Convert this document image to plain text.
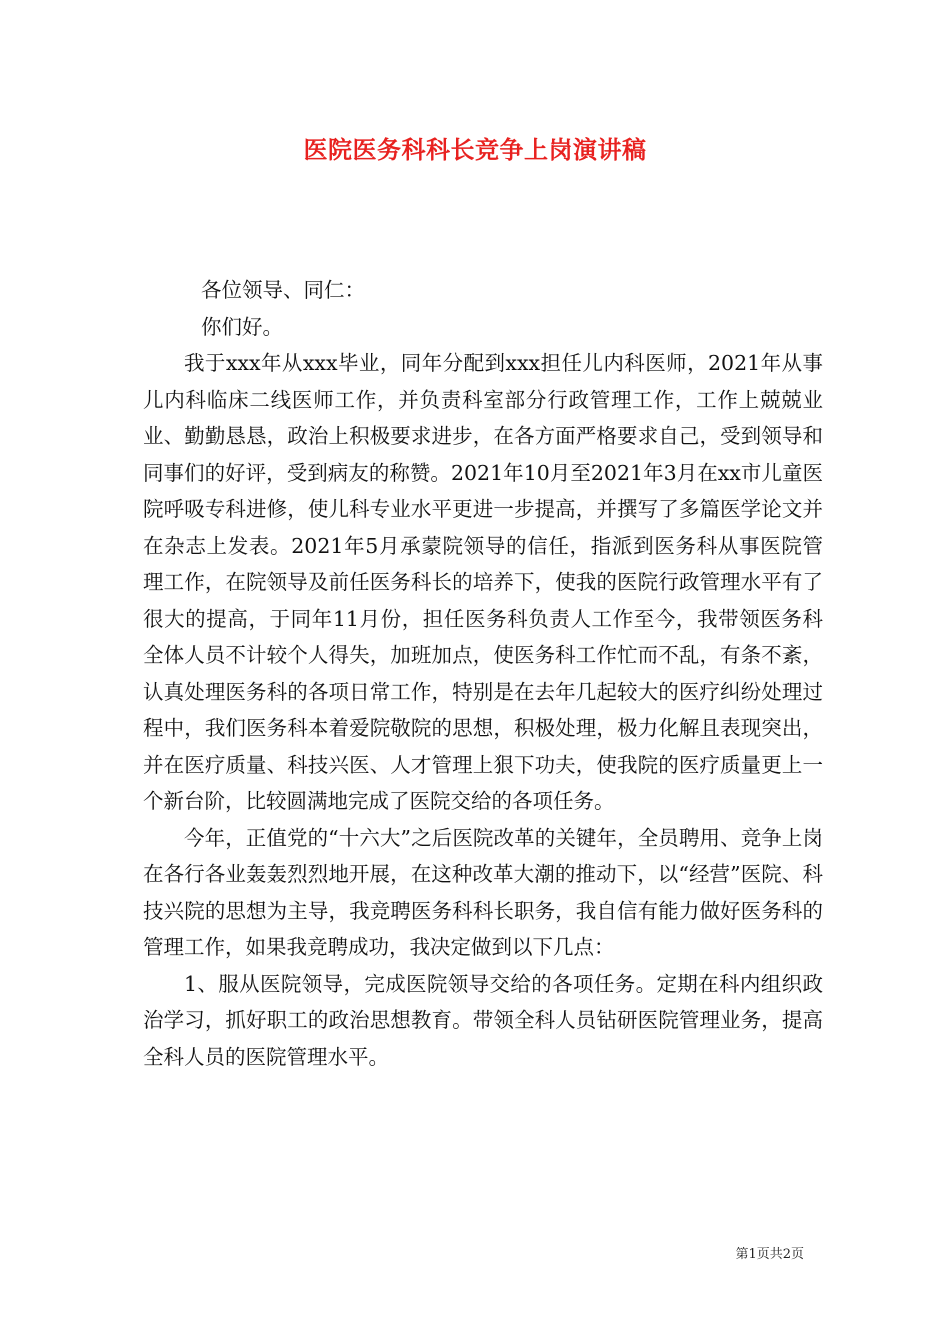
医院医务科科长竞争上岗演讲稿

各位领导、同仁：

你们好。

我于xxx年从xxx毕业，同年分配到xxx担任儿内科医师，2021年从事儿内科临床二线医师工作，并负责科室部分行政管理工作，工作上兢兢业业、勤勤恳恳，政治上积极要求进步，在各方面严格要求自己，受到领导和同事们的好评，受到病友的称赞。2021年10月至2021年3月在xx市儿童医院呼吸专科进修，使儿科专业水平更进一步提高，并撰写了多篇医学论文并在杂志上发表。2021年5月承蒙院领导的信任，指派到医务科从事医院管理工作，在院领导及前任医务科长的培养下，使我的医院行政管理水平有了很大的提高，于同年11月份，担任医务科负责人工作至今，我带领医务科全体人员不计较个人得失，加班加点，使医务科工作忙而不乱，有条不紊，认真处理医务科的各项日常工作，特别是在去年几起较大的医疗纠纷处理过程中，我们医务科本着爱院敬院的思想，积极处理，极力化解且表现突出，并在医疗质量、科技兴医、人才管理上狠下功夫，使我院的医疗质量更上一个新台阶，比较圆满地完成了医院交给的各项任务。

今年，正值党的“十六大”之后医院改革的关键年，全员聘用、竞争上岗在各行各业轰轰烈烈地开展，在这种改革大潮的推动下，以“经营”医院、科技兴院的思想为主导，我竞聘医务科科长职务，我自信有能力做好医务科的管理工作，如果我竞聘成功，我决定做到以下几点：

1、服从医院领导，完成医院领导交给的各项任务。定期在科内组织政治学习，抓好职工的政治思想教育。带领全科人员钻研医院管理业务，提高全科人员的医院管理水平。

第1页共2页
